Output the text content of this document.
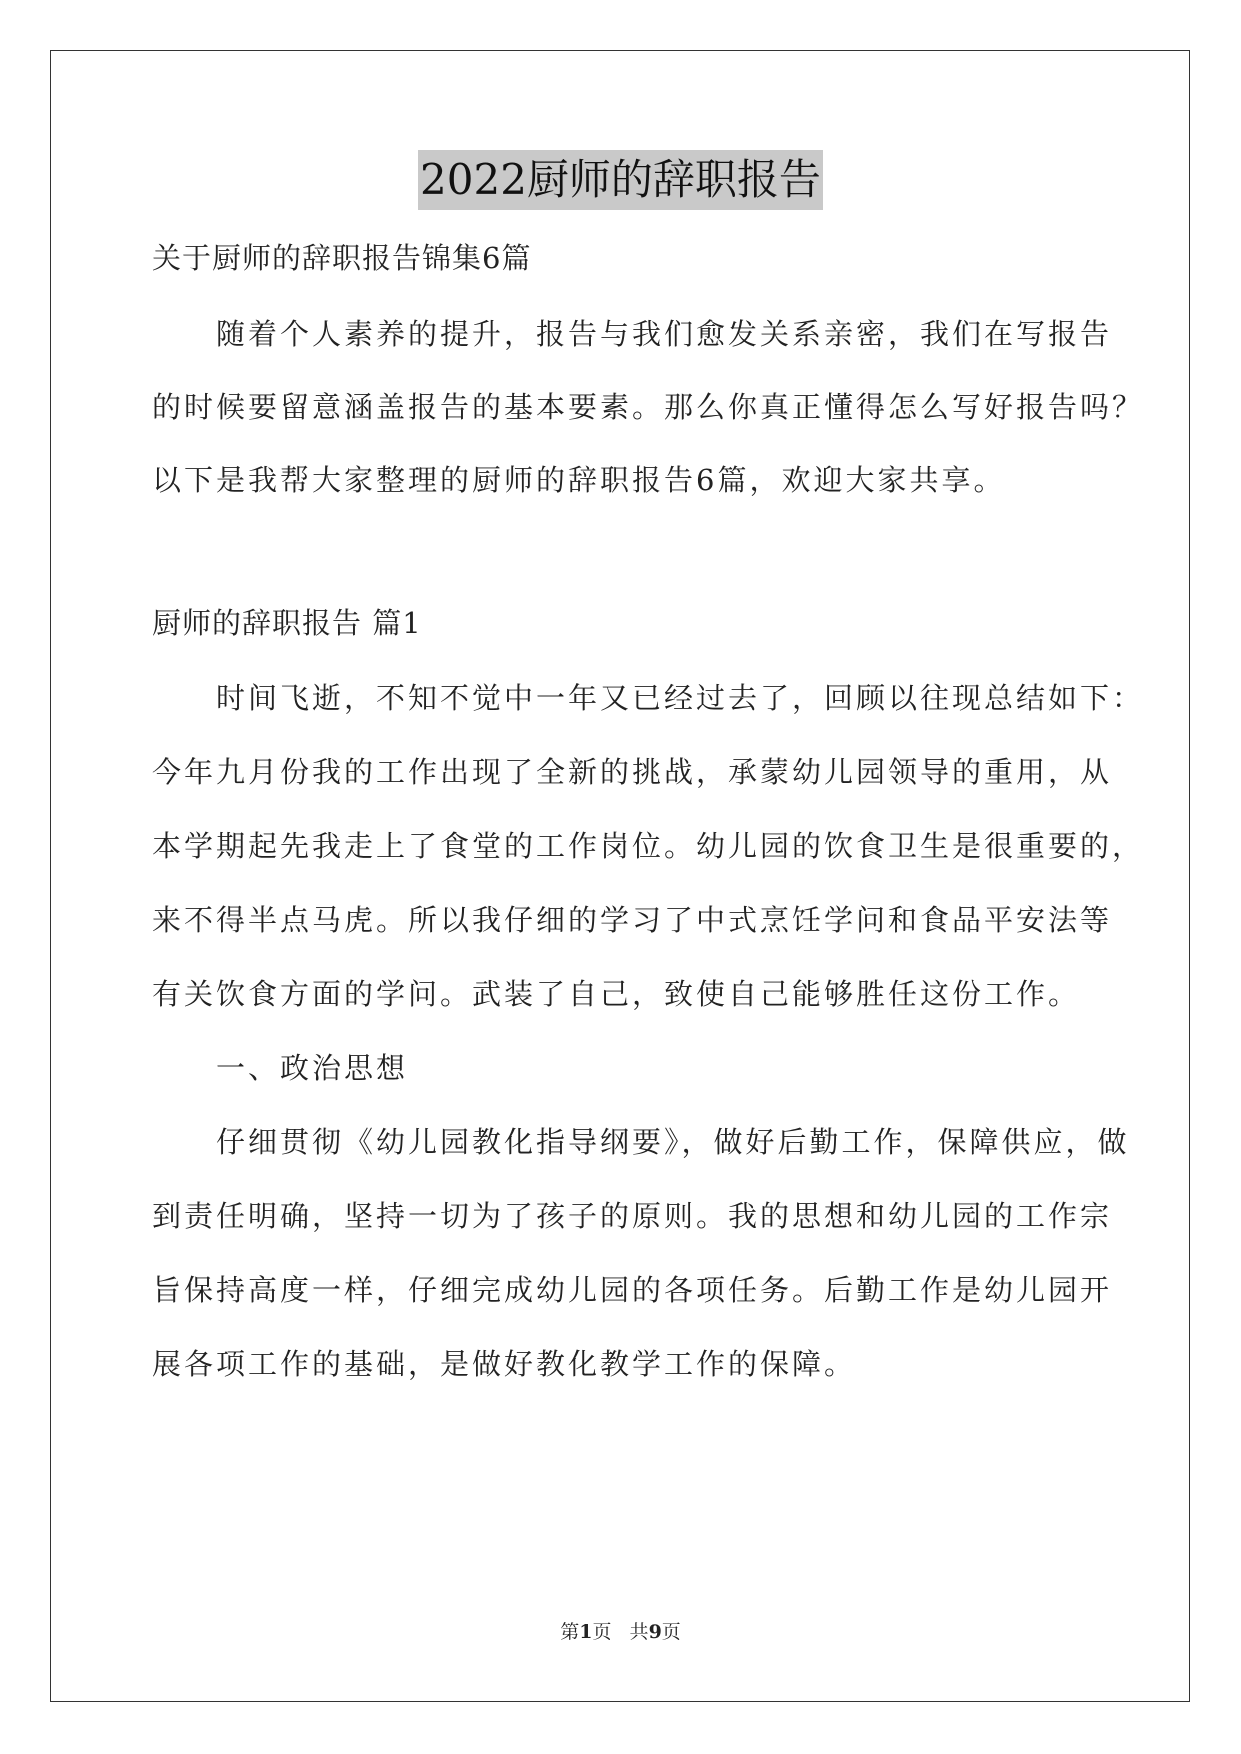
2022厨师的辞职报告
关于厨师的辞职报告锦集6篇
随着个人素养的提升，报告与我们愈发关系亲密，我们在写报告
的时候要留意涵盖报告的基本要素。那么你真正懂得怎么写好报告吗？
以下是我帮大家整理的厨师的辞职报告6篇，欢迎大家共享。
厨师的辞职报告 篇1
时间飞逝，不知不觉中一年又已经过去了，回顾以往现总结如下：
今年九月份我的工作出现了全新的挑战，承蒙幼儿园领导的重用，从
本学期起先我走上了食堂的工作岗位。幼儿园的饮食卫生是很重要的，
来不得半点马虎。所以我仔细的学习了中式烹饪学问和食品平安法等
有关饮食方面的学问。武装了自己，致使自己能够胜任这份工作。
一、政治思想
仔细贯彻《幼儿园教化指导纲要》，做好后勤工作，保障供应，做
到责任明确，坚持一切为了孩子的原则。我的思想和幼儿园的工作宗
旨保持高度一样，仔细完成幼儿园的各项任务。后勤工作是幼儿园开
展各项工作的基础，是做好教化教学工作的保障。
第1页   共9页
